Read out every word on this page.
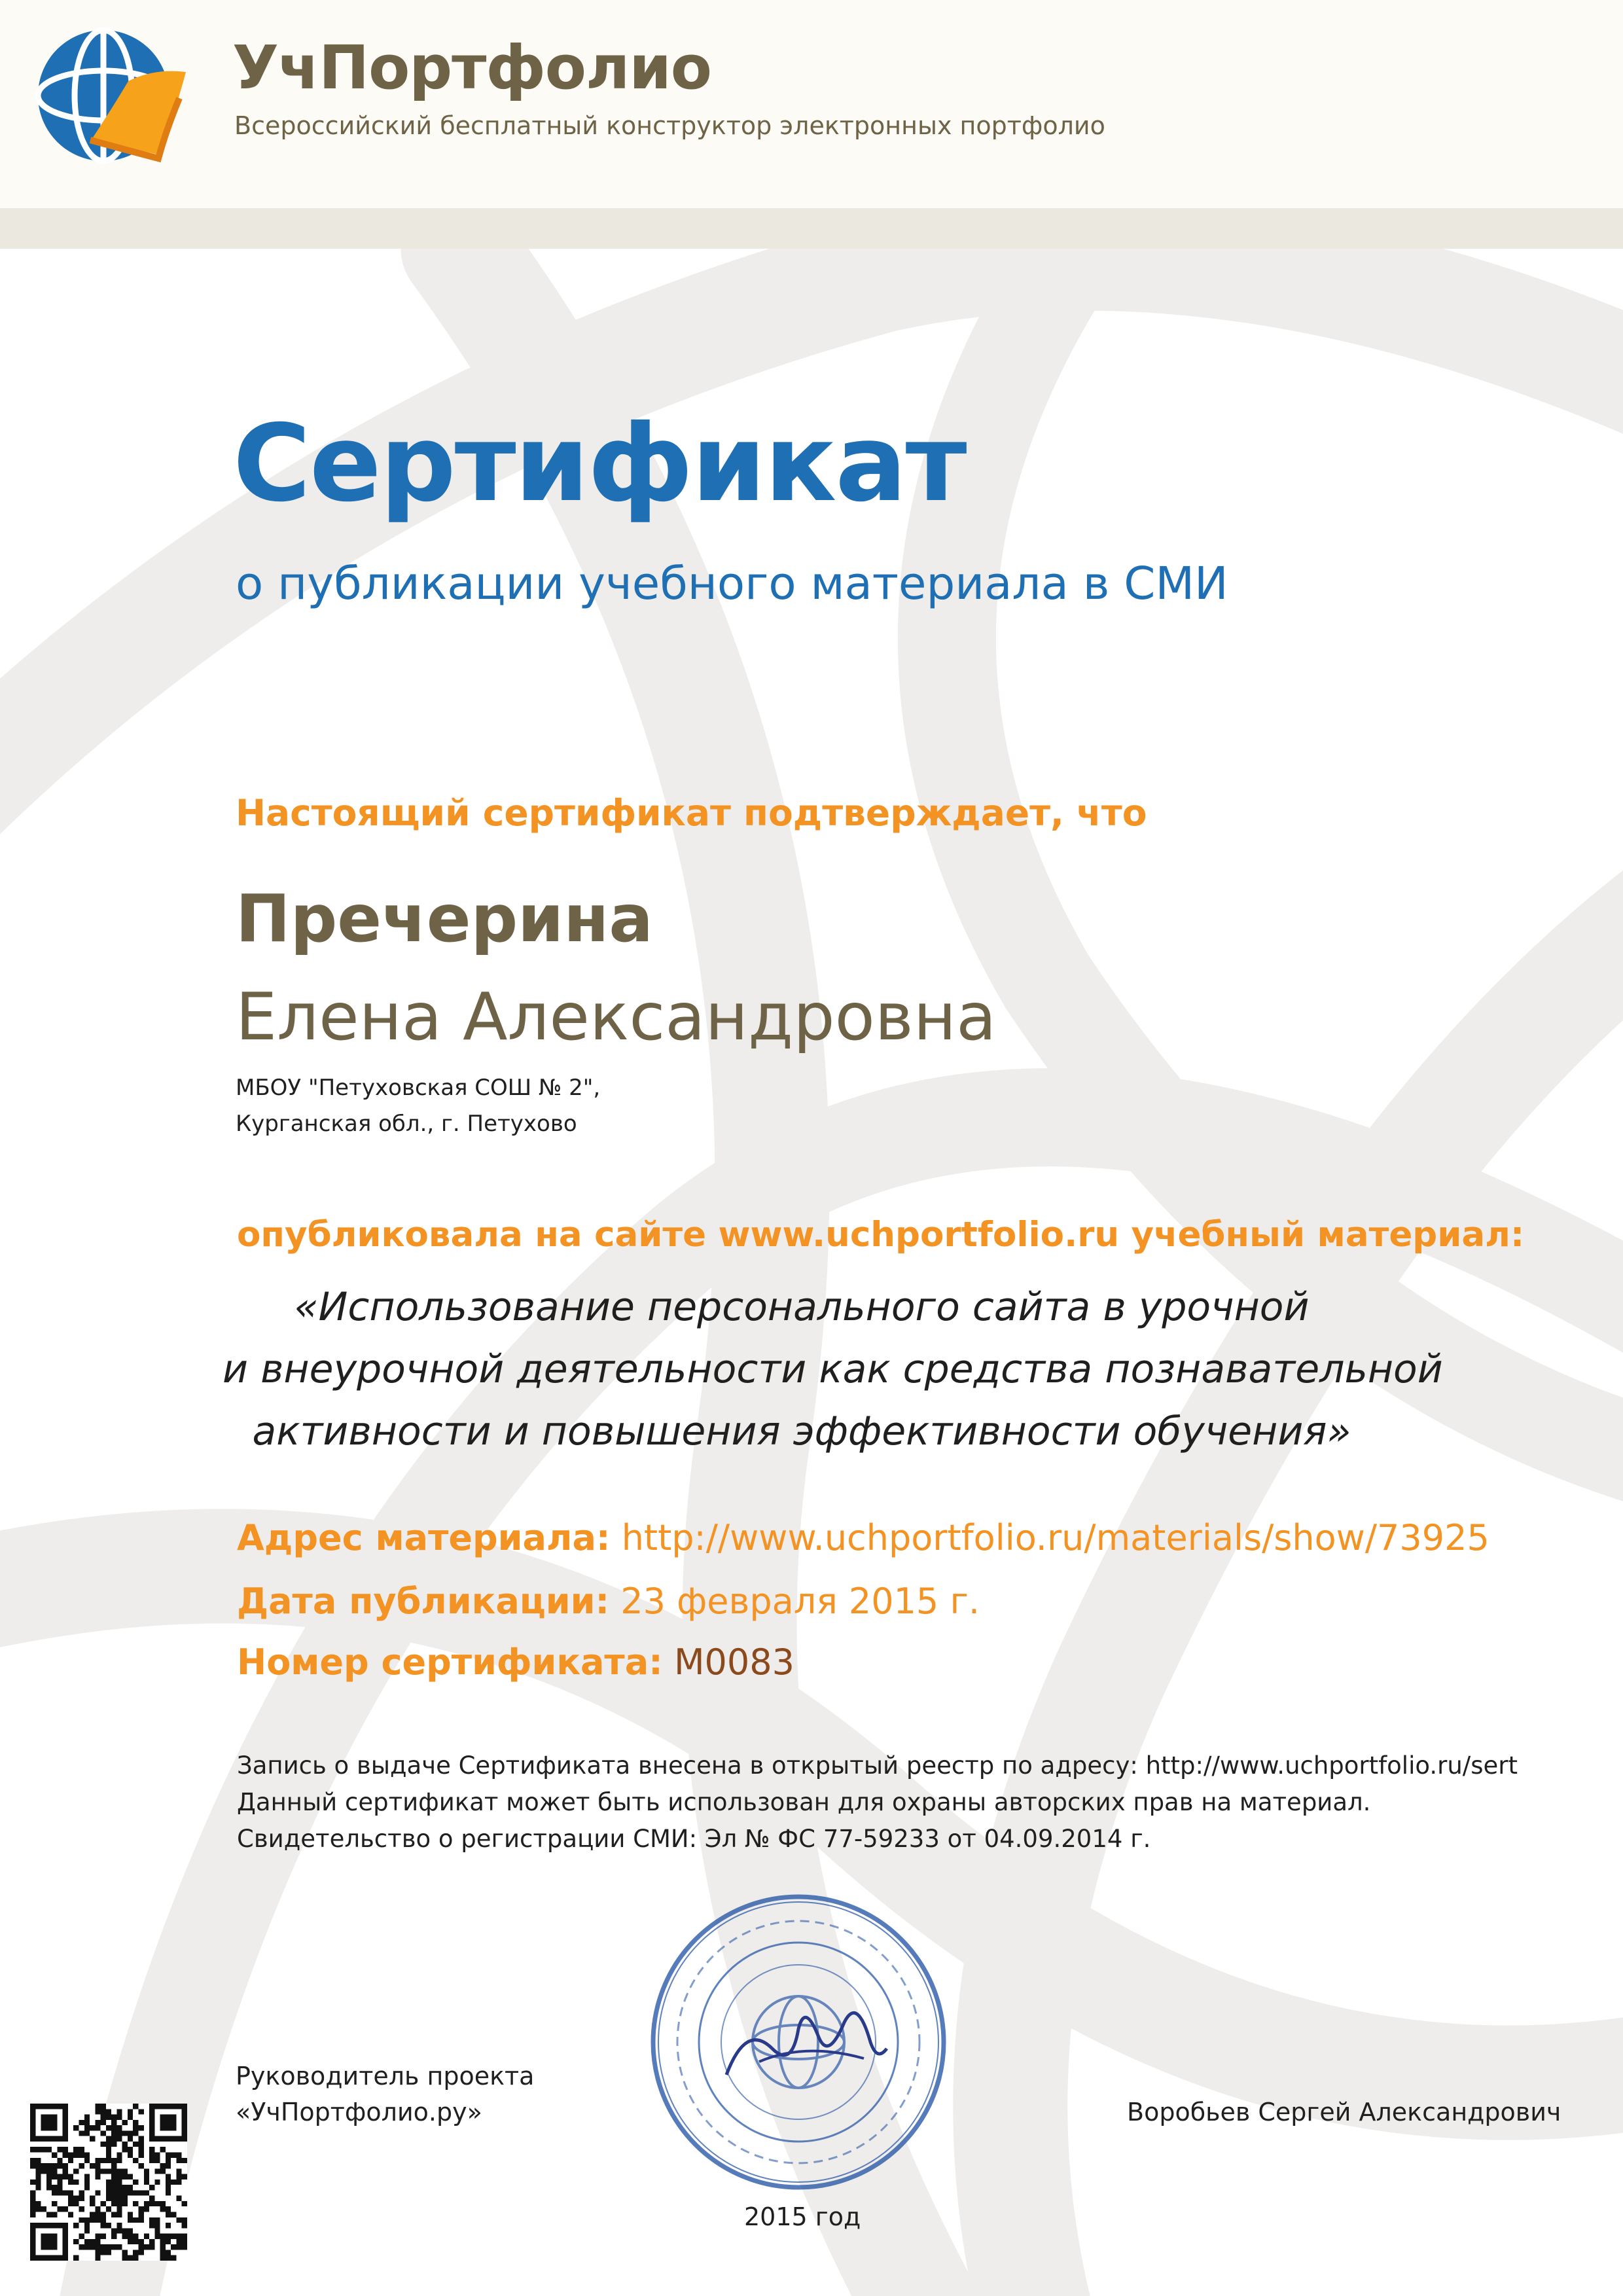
УчПортфолио

Всероссийский бесплатный конструктор электронных портфолио

Сертификат

о публикации учебного материала в СМИ

Настоящий сертификат подтверждает, что

Пречерина

Елена Александровна

МБОУ "Петуховская СОШ № 2",

Курганская обл., г. Петухово

опубликовала на сайте www.uchportfolio.ru учебный материал:

«Использование персонального сайта в урочной
и внеурочной деятельности как средства познавательной
активности и повышения эффективности обучения»

Адрес материала: http://www.uchportfolio.ru/materials/show/73925

Дата публикации: 23 февраля 2015 г.

Номер сертификата: М0083

Запись о выдаче Сертификата внесена в открытый реестр по адресу: http://www.uchportfolio.ru/sert

Данный сертификат может быть использован для охраны авторских прав на материал.

Свидетельство о регистрации СМИ: Эл № ФС 77-59233 от 04.09.2014 г.

Руководитель проекта

«УчПортфолио.ру»	Воробьев Сергей Александрович

2015 год
